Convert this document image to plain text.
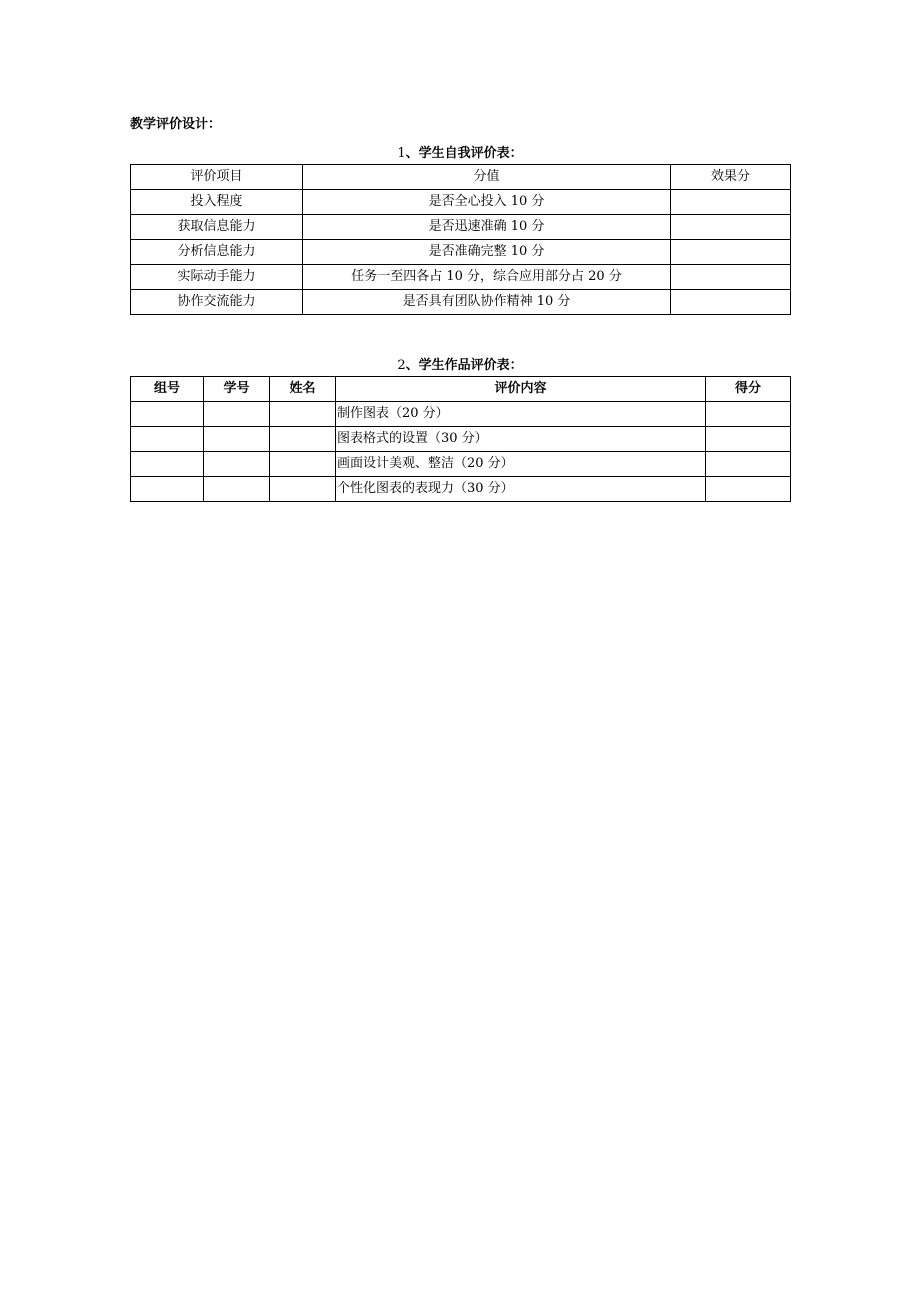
教学评价设计：
1、学生自我评价表：
评价项目	分值	效果分
投入程度	是否全心投入 10 分	
获取信息能力	是否迅速准确 10 分	
分析信息能力	是否准确完整 10 分	
实际动手能力	任务一至四各占 10 分，综合应用部分占 20 分	
协作交流能力	是否具有团队协作精神 10 分	
2、学生作品评价表：
组号	学号	姓名	评价内容	得分
			制作图表（20 分）	
			图表格式的设置（30 分）	
			画面设计美观、整洁（20 分）	
			个性化图表的表现力（30 分）	
